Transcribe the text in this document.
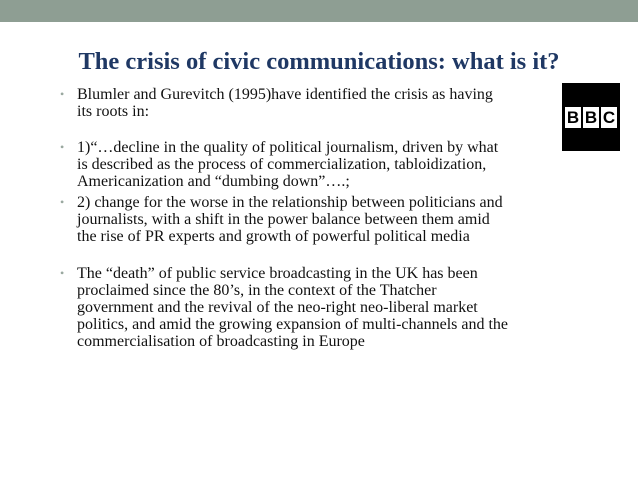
The crisis of civic communications: what is it?
• Blumler and Gurevitch (1995)have identified the crisis as having
its roots in:
• 1)“…decline in the quality of political journalism, driven by what
is described as the process of commercialization, tabloidization,
Americanization and “dumbing down”….;
• 2) change for the worse in the relationship between politicians and
journalists, with a shift in the power balance between them amid
the rise of PR experts and growth of powerful political media
• The “death” of public service broadcasting in the UK has been
proclaimed since the 80’s, in the context of the Thatcher
government and the revival of the neo-right neo-liberal market
politics, and amid the growing expansion of multi-channels and the
commercialisation of broadcasting in Europe
B B C
